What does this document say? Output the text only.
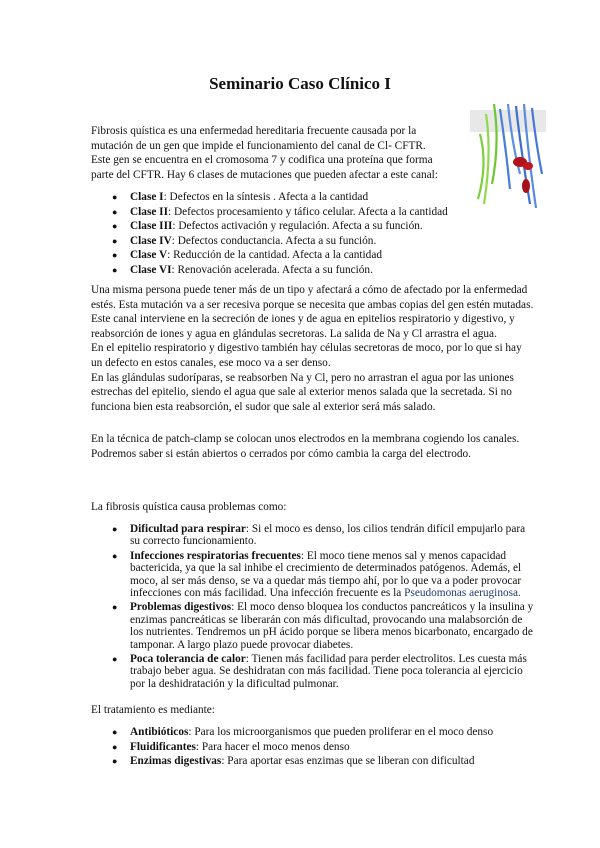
Seminario Caso Clínico I
Fibrosis quística es una enfermedad hereditaria frecuente causada por la
mutación de un gen que impide el funcionamiento del canal de Cl- CFTR.
Este gen se encuentra en el cromosoma 7 y codifica una proteína que forma
parte del CFTR. Hay 6 clases de mutaciones que pueden afectar a este canal:
● Clase I: Defectos en la síntesis . Afecta a la cantidad
● Clase II: Defectos procesamiento y táfico celular. Afecta a la cantidad
● Clase III: Defectos activación y regulación. Afecta a su función.
● Clase IV: Defectos conductancia. Afecta a su función.
● Clase V: Reducción de la cantidad. Afecta a la cantidad
● Clase VI: Renovación acelerada. Afecta a su función.
Una misma persona puede tener más de un tipo y afectará a cómo de afectado por la enfermedad
estés. Esta mutación va a ser recesiva porque se necesita que ambas copias del gen estén mutadas.
Este canal interviene en la secreción de iones y de agua en epitelios respiratorio y digestivo, y
reabsorción de iones y agua en glándulas secretoras. La salida de Na y Cl arrastra el agua.
En el epitelio respiratorio y digestivo también hay células secretoras de moco, por lo que si hay
un defecto en estos canales, ese moco va a ser denso.
En las glándulas sudoríparas, se reabsorben Na y Cl, pero no arrastran el agua por las uniones
estrechas del epitelio, siendo el agua que sale al exterior menos salada que la secretada. Si no
funciona bien esta reabsorción, el sudor que sale al exterior será más salado.
En la técnica de patch-clamp se colocan unos electrodos en la membrana cogiendo los canales.
Podremos saber si están abiertos o cerrados por cómo cambia la carga del electrodo.
La fibrosis quística causa problemas como:
● Dificultad para respirar: Si el moco es denso, los cilios tendrán difícil empujarlo para
su correcto funcionamiento.
● Infecciones respiratorias frecuentes: El moco tiene menos sal y menos capacidad
bactericida, ya que la sal inhibe el crecimiento de determinados patógenos. Además, el
moco, al ser más denso, se va a quedar más tiempo ahí, por lo que va a poder provocar
infecciones con más facilidad. Una infección frecuente es la Pseudomonas aeruginosa.
● Problemas digestivos: El moco denso bloquea los conductos pancreáticos y la insulina y
enzimas pancreáticas se liberarán con más dificultad, provocando una malabsorción de
los nutrientes. Tendremos un pH ácido porque se libera menos bicarbonato, encargado de
tamponar. A largo plazo puede provocar diabetes.
● Poca tolerancia de calor: Tienen más facilidad para perder electrolitos. Les cuesta más
trabajo beber agua. Se deshidratan con más facilidad. Tiene poca tolerancia al ejercicio
por la deshidratación y la dificultad pulmonar.
El tratamiento es mediante:
● Antibióticos: Para los microorganismos que pueden proliferar en el moco denso
● Fluidificantes: Para hacer el moco menos denso
● Enzimas digestivas: Para aportar esas enzimas que se liberan con dificultad
